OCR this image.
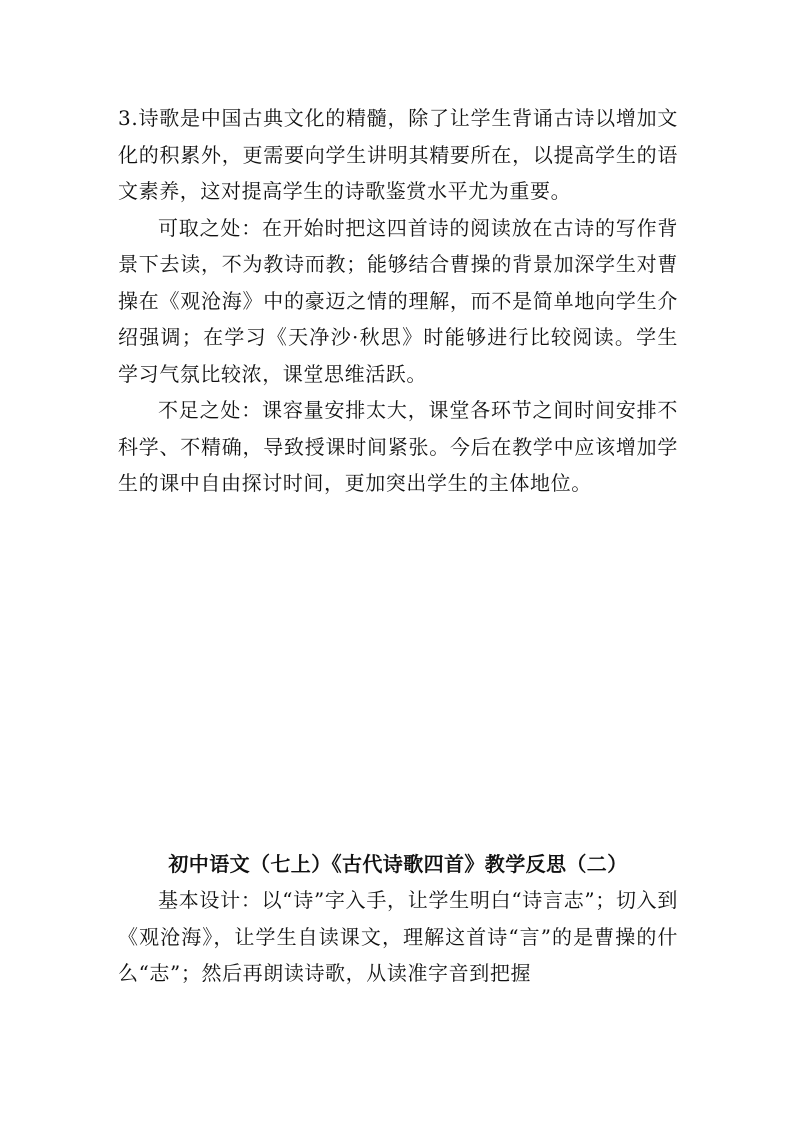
3.诗歌是中国古典文化的精髓，除了让学生背诵古诗以增加文化的积累外，更需要向学生讲明其精要所在，以提高学生的语文素养，这对提高学生的诗歌鉴赏水平尤为重要。

可取之处：在开始时把这四首诗的阅读放在古诗的写作背景下去读，不为教诗而教；能够结合曹操的背景加深学生对曹操在《观沧海》中的豪迈之情的理解，而不是简单地向学生介绍强调；在学习《天净沙·秋思》时能够进行比较阅读。学生学习气氛比较浓，课堂思维活跃。

不足之处：课容量安排太大，课堂各环节之间时间安排不科学、不精确，导致授课时间紧张。今后在教学中应该增加学生的课中自由探讨时间，更加突出学生的主体地位。

初中语文（七上）《古代诗歌四首》教学反思（二）

基本设计：以“诗”字入手，让学生明白“诗言志”；切入到《观沧海》，让学生自读课文，理解这首诗“言”的是曹操的什么“志”；然后再朗读诗歌，从读准字音到把握
